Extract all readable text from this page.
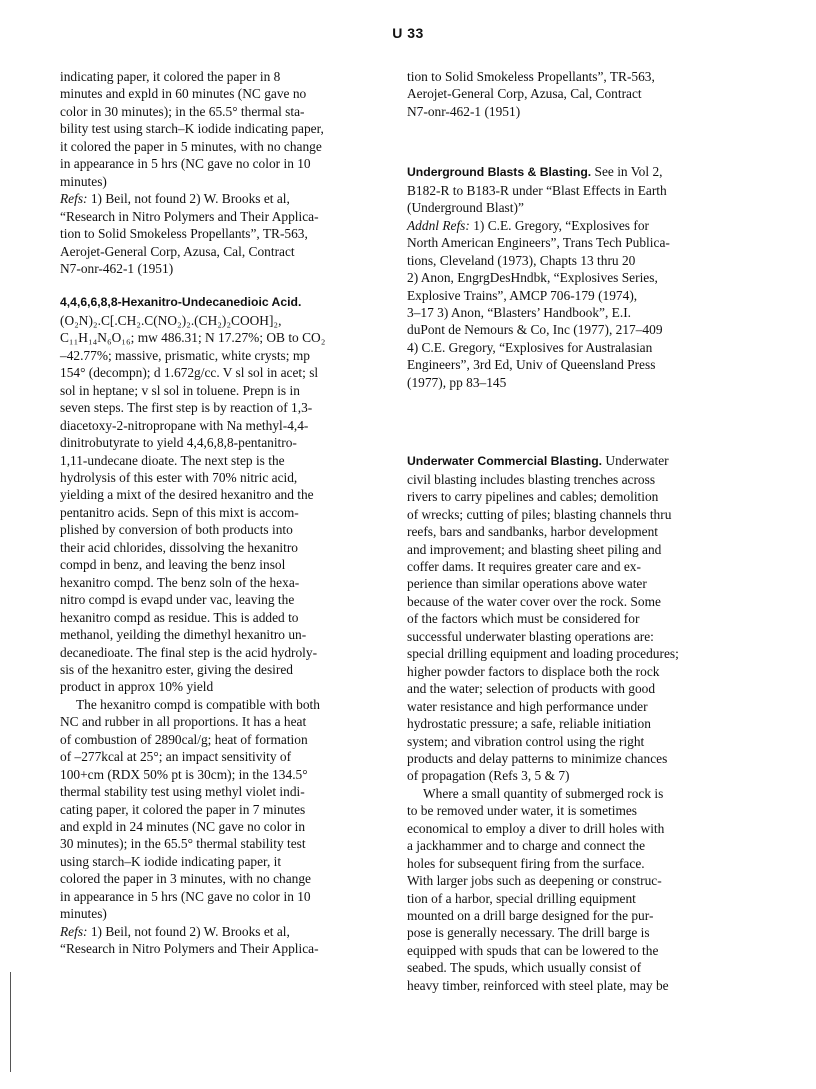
U 33
indicating paper, it colored the paper in 8
minutes and expld in 60 minutes (NC gave no
color in 30 minutes); in the 65.5° thermal sta-
bility test using starch–K iodide indicating paper,
it colored the paper in 5 minutes, with no change
in appearance in 5 hrs (NC gave no color in 10
minutes)
Refs: 1) Beil, not found 2) W. Brooks et al,
“Research in Nitro Polymers and Their Applica-
tion to Solid Smokeless Propellants”, TR-563,
Aerojet-General Corp, Azusa, Cal, Contract
N7-onr-462-1 (1951)
4,4,6,6,8,8-Hexanitro-Undecanedioic Acid.
(O₂N)₂.C[.CH₂.C(NO₂)₂.(CH₂)₂COOH]₂,
C₁₁H₁₄N₆O₁₆; mw 486.31; N 17.27%; OB to CO₂
–42.77%; massive, prismatic, white crysts; mp
154° (decompn); d 1.672g/cc. V sl sol in acet; sl
sol in heptane; v sl sol in toluene. Prepn is in
seven steps. The first step is by reaction of 1,3-
diacetoxy-2-nitropropane with Na methyl-4,4-
dinitrobutyrate to yield 4,4,6,8,8-pentanitro-
1,11-undecane dioate. The next step is the
hydrolysis of this ester with 70% nitric acid,
yielding a mixt of the desired hexanitro and the
pentanitro acids. Sepn of this mixt is accom-
plished by conversion of both products into
their acid chlorides, dissolving the hexanitro
compd in benz, and leaving the benz insol
hexanitro compd. The benz soln of the hexa-
nitro compd is evapd under vac, leaving the
hexanitro compd as residue. This is added to
methanol, yeilding the dimethyl hexanitro un-
decanedioate. The final step is the acid hydroly-
sis of the hexanitro ester, giving the desired
product in approx 10% yield
The hexanitro compd is compatible with both
NC and rubber in all proportions. It has a heat
of combustion of 2890cal/g; heat of formation
of –277kcal at 25°; an impact sensitivity of
100+cm (RDX 50% pt is 30cm); in the 134.5°
thermal stability test using methyl violet indi-
cating paper, it colored the paper in 7 minutes
and expld in 24 minutes (NC gave no color in
30 minutes); in the 65.5° thermal stability test
using starch–K iodide indicating paper, it
colored the paper in 3 minutes, with no change
in appearance in 5 hrs (NC gave no color in 10
minutes)
Refs: 1) Beil, not found 2) W. Brooks et al,
“Research in Nitro Polymers and Their Applica-
tion to Solid Smokeless Propellants”, TR-563,
Aerojet-General Corp, Azusa, Cal, Contract
N7-onr-462-1 (1951)
Underground Blasts & Blasting. See in Vol 2,
B182-R to B183-R under “Blast Effects in Earth
(Underground Blast)”
Addnl Refs: 1) C.E. Gregory, “Explosives for
North American Engineers”, Trans Tech Publica-
tions, Cleveland (1973), Chapts 13 thru 20
2) Anon, EngrgDesHndbk, “Explosives Series,
Explosive Trains”, AMCP 706-179 (1974),
3–17 3) Anon, “Blasters’ Handbook”, E.I.
duPont de Nemours & Co, Inc (1977), 217–409
4) C.E. Gregory, “Explosives for Australasian
Engineers”, 3rd Ed, Univ of Queensland Press
(1977), pp 83–145
Underwater Commercial Blasting. Underwater
civil blasting includes blasting trenches across
rivers to carry pipelines and cables; demolition
of wrecks; cutting of piles; blasting channels thru
reefs, bars and sandbanks, harbor development
and improvement; and blasting sheet piling and
coffer dams. It requires greater care and ex-
perience than similar operations above water
because of the water cover over the rock. Some
of the factors which must be considered for
successful underwater blasting operations are:
special drilling equipment and loading procedures;
higher powder factors to displace both the rock
and the water; selection of products with good
water resistance and high performance under
hydrostatic pressure; a safe, reliable initiation
system; and vibration control using the right
products and delay patterns to minimize chances
of propagation (Refs 3, 5 & 7)
Where a small quantity of submerged rock is
to be removed under water, it is sometimes
economical to employ a diver to drill holes with
a jackhammer and to charge and connect the
holes for subsequent firing from the surface.
With larger jobs such as deepening or construc-
tion of a harbor, special drilling equipment
mounted on a drill barge designed for the pur-
pose is generally necessary. The drill barge is
equipped with spuds that can be lowered to the
seabed. The spuds, which usually consist of
heavy timber, reinforced with steel plate, may be
